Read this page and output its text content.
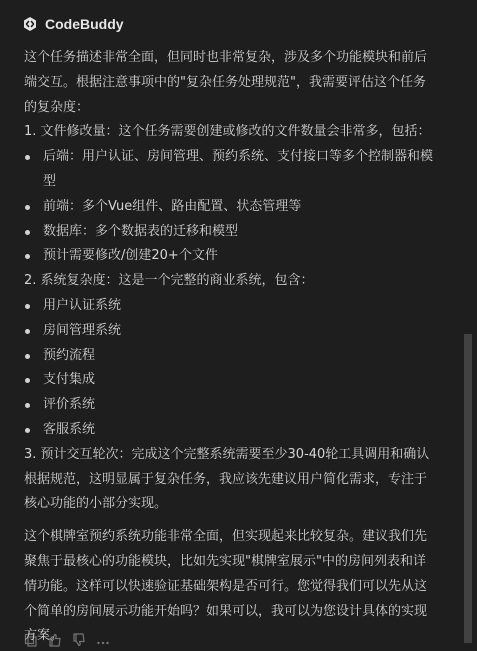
CodeBuddy

这个任务描述非常全面，但同时也非常复杂，涉及多个功能模块和前后端交互。根据注意事项中的"复杂任务处理规范"，我需要评估这个任务的复杂度：

1. 文件修改量：这个任务需要创建或修改的文件数量会非常多，包括：

后端：用户认证、房间管理、预约系统、支付接口等多个控制器和模型

前端：多个Vue组件、路由配置、状态管理等

数据库：多个数据表的迁移和模型

预计需要修改/创建20+个文件

2. 系统复杂度：这是一个完整的商业系统，包含：

用户认证系统

房间管理系统

预约流程

支付集成

评价系统

客服系统

3. 预计交互轮次：完成这个完整系统需要至少30-40轮工具调用和确认

根据规范，这明显属于复杂任务，我应该先建议用户简化需求，专注于核心功能的小部分实现。

这个棋牌室预约系统功能非常全面，但实现起来比较复杂。建议我们先聚焦于最核心的功能模块，比如先实现"棋牌室展示"中的房间列表和详情功能。这样可以快速验证基础架构是否可行。您觉得我们可以先从这个简单的房间展示功能开始吗？如果可以，我可以为您设计具体的实现方案。
